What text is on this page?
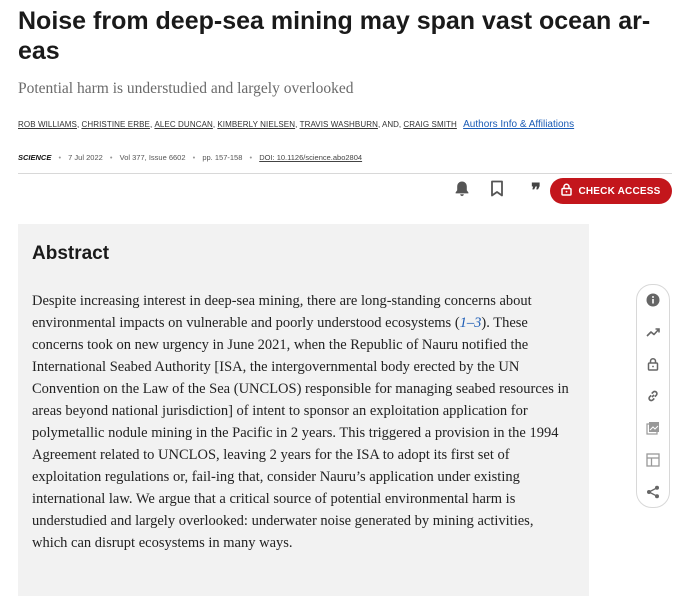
Noise from deep-sea mining may span vast ocean ar-eas
Potential harm is understudied and largely overlooked
ROB WILLIAMS, CHRISTINE ERBE, ALEC DUNCAN, KIMBERLY NIELSEN, TRAVIS WASHBURN, AND, CRAIG SMITH Authors Info & Affiliations
SCIENCE • 7 Jul 2022 • Vol 377, Issue 6602 • pp. 157-158 • DOI: 10.1126/science.abo2804
❞	CHECK ACCESS
Abstract

Despite increasing interest in deep-sea mining, there are long-standing concerns about environmental impacts on vulnerable and poorly understood ecosystems (1–3). These concerns took on new urgency in June 2021, when the Republic of Nauru notified the International Seabed Authority [ISA, the intergovernmental body erected by the UN Convention on the Law of the Sea (UNCLOS) responsible for managing seabed resources in areas beyond national jurisdiction] of intent to sponsor an exploitation application for polymetallic nodule mining in the Pacific in 2 years. This triggered a provision in the 1994 Agreement related to UNCLOS, leaving 2 years for the ISA to adopt its first set of exploitation regulations or, fail-ing that, consider Nauru’s application under existing international law. We argue that a critical source of potential environmental harm is understudied and largely overlooked: underwater noise generated by mining activities, which can disrupt ecosystems in many ways.
